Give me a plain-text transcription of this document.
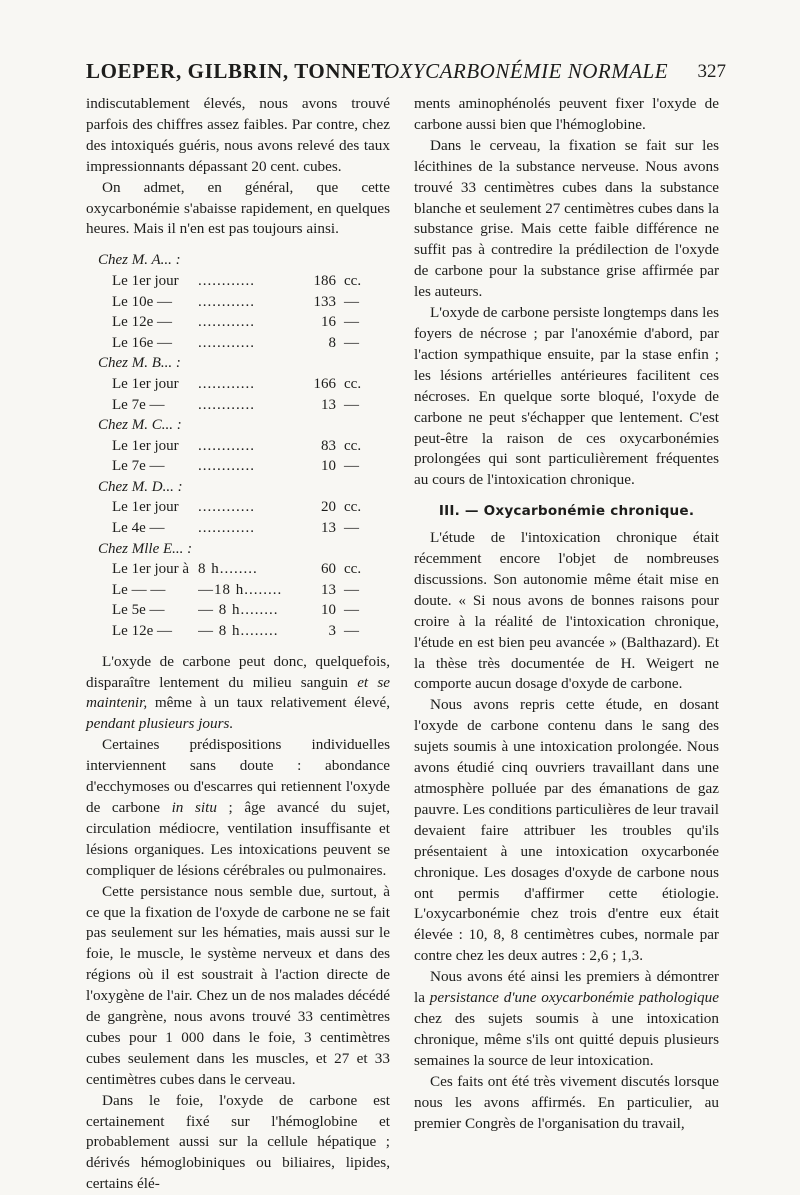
LOEPER, GILBRIN, TONNET.
OXYCARBONÉMIE NORMALE 327

indiscutablement élevés, nous avons trouvé parfois des chiffres assez faibles. Par contre, chez des intoxiqués guéris, nous avons relevé des taux impressionnants dépassant 20 cent. cubes.

On admet, en général, que cette oxycarbonémie s'abaisse rapidement, en quelques heures. Mais il n'en est pas toujours ainsi.

Chez M. A... :			
Le 1er jour	............	186	cc.
Le 10e —	............	133	—
Le 12e —	............	16	—
Le 16e —	............	8	—
Chez M. B... :			
Le 1er jour	............	166	cc.
Le 7e —	............	13	—
Chez M. C... :			
Le 1er jour	............	83	cc.
Le 7e —	............	10	—
Chez M. D... :			
Le 1er jour	............	20	cc.
Le 4e —	............	13	—
Chez Mlle E... :			
Le 1er jour à	8 h........	60	cc.
Le — —	—18 h........	13	—
Le 5e —	— 8 h........	10	—
Le 12e —	— 8 h........	3	—

L'oxyde de carbone peut donc, quelquefois, disparaître lentement du milieu sanguin et se maintenir, même à un taux relativement élevé, pendant plusieurs jours.

Certaines prédispositions individuelles interviennent sans doute : abondance d'ecchymoses ou d'escarres qui retiennent l'oxyde de carbone in situ ; âge avancé du sujet, circulation médiocre, ventilation insuffisante et lésions organiques. Les intoxications peuvent se compliquer de lésions cérébrales ou pulmonaires.

Cette persistance nous semble due, surtout, à ce que la fixation de l'oxyde de carbone ne se fait pas seulement sur les hématies, mais aussi sur le foie, le muscle, le système nerveux et dans des régions où il est soustrait à l'action directe de l'oxygène de l'air. Chez un de nos malades décédé de gangrène, nous avons trouvé 33 centimètres cubes pour 1 000 dans le foie, 3 centimètres cubes seulement dans les muscles, et 27 et 33 centimètres cubes dans le cerveau.

Dans le foie, l'oxyde de carbone est certainement fixé sur l'hémoglobine et probablement aussi sur la cellule hépatique ; dérivés hémoglobiniques ou biliaires, lipides, certains élé-

ments aminophénolés peuvent fixer l'oxyde de carbone aussi bien que l'hémoglobine.

Dans le cerveau, la fixation se fait sur les lécithines de la substance nerveuse. Nous avons trouvé 33 centimètres cubes dans la substance blanche et seulement 27 centimètres cubes dans la substance grise. Mais cette faible différence ne suffit pas à contredire la prédilection de l'oxyde de carbone pour la substance grise affirmée par les auteurs.

L'oxyde de carbone persiste longtemps dans les foyers de nécrose ; par l'anoxémie d'abord, par l'action sympathique ensuite, par la stase enfin ; les lésions artérielles antérieures facilitent ces nécroses. En quelque sorte bloqué, l'oxyde de carbone ne peut s'échapper que lentement. C'est peut-être la raison de ces oxycarbonémies prolongées qui sont particulièrement fréquentes au cours de l'intoxication chronique.

III. — Oxycarbonémie chronique.

L'étude de l'intoxication chronique était récemment encore l'objet de nombreuses discussions. Son autonomie même était mise en doute. « Si nous avons de bonnes raisons pour croire à la réalité de l'intoxication chronique, l'étude en est bien peu avancée » (Balthazard). Et la thèse très documentée de H. Weigert ne comporte aucun dosage d'oxyde de carbone.

Nous avons repris cette étude, en dosant l'oxyde de carbone contenu dans le sang des sujets soumis à une intoxication prolongée. Nous avons étudié cinq ouvriers travaillant dans une atmosphère polluée par des émanations de gaz pauvre. Les conditions particulières de leur travail devaient faire attribuer les troubles qu'ils présentaient à une intoxication oxycarbonée chronique. Les dosages d'oxyde de carbone nous ont permis d'affirmer cette étiologie. L'oxycarbonémie chez trois d'entre eux était élevée : 10, 8, 8 centimètres cubes, normale par contre chez les deux autres : 2,6 ; 1,3.

Nous avons été ainsi les premiers à démontrer la persistance d'une oxycarbonémie pathologique chez des sujets soumis à une intoxication chronique, même s'ils ont quitté depuis plusieurs semaines la source de leur intoxication.

Ces faits ont été très vivement discutés lorsque nous les avons affirmés. En particulier, au premier Congrès de l'organisation du travail,
